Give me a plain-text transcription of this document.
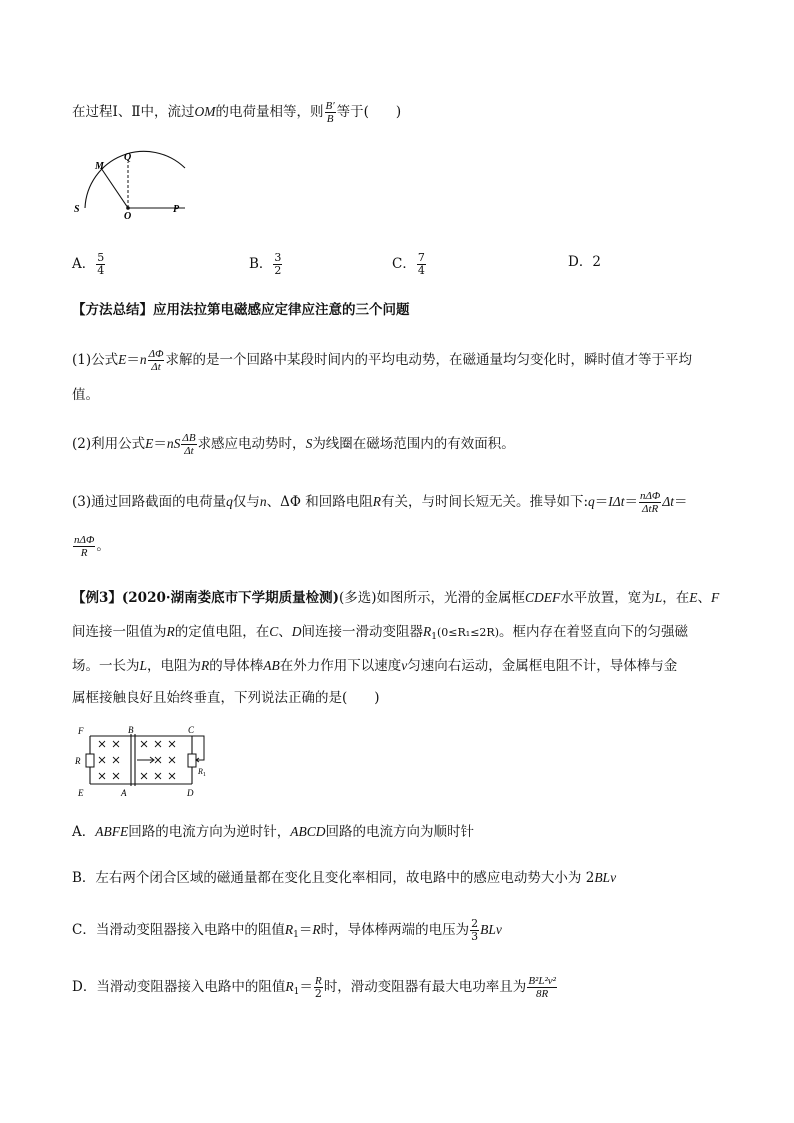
在过程Ⅰ、Ⅱ中，流过OM的电荷量相等，则 $\frac{B'}{B}$ 等于(　　)
M
Q
S
O
P
A． $\frac{5}{4}$	B． $\frac{3}{2}$	C． $\frac{7}{4}$	D．2
【方法总结】应用法拉第电磁感应定律应注意的三个问题
(1)公式$E=n \frac{\Delta\Phi}{\Delta t}$ 求解的是一个回路中某段时间内的平均电动势，在磁通量均匀变化时，瞬时值才等于平均
值。
(2)利用公式$E=nS \frac{\Delta B}{\Delta t}$ 求感应电动势时，S为线圈在磁场范围内的有效面积。
(3)通过回路截面的电荷量q仅与n、ΔΦ 和回路电阻R有关，与时间长短无关。推导如下:q＝IΔt＝ $\frac{\text{nΔΦ}}{\text{ΔtR}} \Delta t=$
$\frac{\text{nΔΦ}}{R}$ 。
【例3】(2020·湖南娄底市下学期质量检测)(多选)如图所示，光滑的金属框CDEF水平放置，宽为L，在E、F
间连接一阻值为R的定值电阻，在C、D间连接一滑动变阻器$R_1(0\le R_1\le 2R)$。框内存在着竖直向下的匀强磁
场。一长为L，电阻为R的导体棒AB在外力作用下以速度v匀速向右运动，金属框电阻不计，导体棒与金
属框接触良好且始终垂直，下列说法正确的是(　　)
F	B	C
E	A	D
R
$R_1$
A．ABFE回路的电流方向为逆时针，ABCD回路的电流方向为顺时针
B．左右两个闭合区域的磁通量都在变化且变化率相同，故电路中的感应电动势大小为 2BLv
C．当滑动变阻器接入电路中的阻值$R_1=R$时，导体棒两端的电压为 $\frac{2}{3}$ BLv
D．当滑动变阻器接入电路中的阻值$R_1= \frac{R}{2}$ 时，滑动变阻器有最大电功率且为 $\frac{\text{B²L²v²}}{8R}$
